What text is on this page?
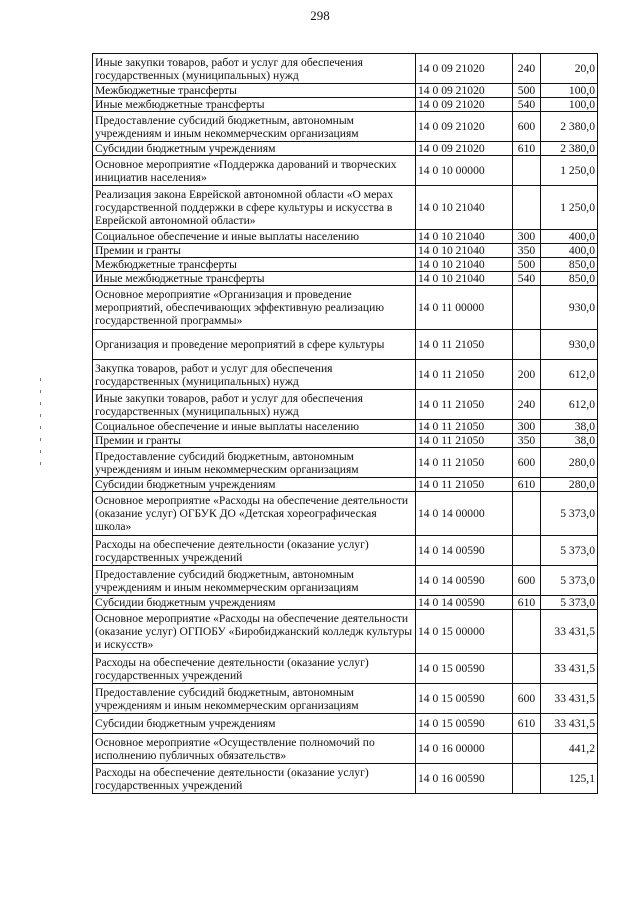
298
Иные закупки товаров, работ и услуг для обеспечения государственных (муниципальных) нужд	14 0 09 21020	240	20,0
Межбюджетные трансферты	14 0 09 21020	500	100,0
Иные межбюджетные трансферты	14 0 09 21020	540	100,0
Предоставление субсидий бюджетным, автономным учреждениям и иным некоммерческим организациям	14 0 09 21020	600	2 380,0
Субсидии бюджетным учреждениям	14 0 09 21020	610	2 380,0
Основное мероприятие «Поддержка дарований и творческих инициатив населения»	14 0 10 00000		1 250,0
Реализация закона Еврейской автономной области «О мерах государственной поддержки в сфере культуры и искусства в Еврейской автономной области»	14 0 10 21040		1 250,0
Социальное обеспечение и иные выплаты населению	14 0 10 21040	300	400,0
Премии и гранты	14 0 10 21040	350	400,0
Межбюджетные трансферты	14 0 10 21040	500	850,0
Иные межбюджетные трансферты	14 0 10 21040	540	850,0
Основное мероприятие «Организация и проведение мероприятий, обеспечивающих эффективную реализацию государственной программы»	14 0 11 00000		930,0
Организация и проведение мероприятий в сфере культуры	14 0 11 21050		930,0
Закупка товаров, работ и услуг для обеспечения государственных (муниципальных) нужд	14 0 11 21050	200	612,0
Иные закупки товаров, работ и услуг для обеспечения государственных (муниципальных) нужд	14 0 11 21050	240	612,0
Социальное обеспечение и иные выплаты населению	14 0 11 21050	300	38,0
Премии и гранты	14 0 11 21050	350	38,0
Предоставление субсидий бюджетным, автономным учреждениям и иным некоммерческим организациям	14 0 11 21050	600	280,0
Субсидии бюджетным учреждениям	14 0 11 21050	610	280,0
Основное мероприятие «Расходы на обеспечение деятельности (оказание услуг) ОГБУК ДО «Детская хореографическая школа»	14 0 14 00000		5 373,0
Расходы на обеспечение деятельности (оказание услуг) государственных учреждений	14 0 14 00590		5 373,0
Предоставление субсидий бюджетным, автономным учреждениям и иным некоммерческим организациям	14 0 14 00590	600	5 373,0
Субсидии бюджетным учреждениям	14 0 14 00590	610	5 373,0
Основное мероприятие «Расходы на обеспечение деятельности (оказание услуг) ОГПОБУ «Биробиджанский колледж культуры и искусств»	14 0 15 00000		33 431,5
Расходы на обеспечение деятельности (оказание услуг) государственных учреждений	14 0 15 00590		33 431,5
Предоставление субсидий бюджетным, автономным учреждениям и иным некоммерческим организациям	14 0 15 00590	600	33 431,5
Субсидии бюджетным учреждениям	14 0 15 00590	610	33 431,5
Основное мероприятие «Осуществление полномочий по исполнению публичных обязательств»	14 0 16 00000		441,2
Расходы на обеспечение деятельности (оказание услуг) государственных учреждений	14 0 16 00590		125,1
